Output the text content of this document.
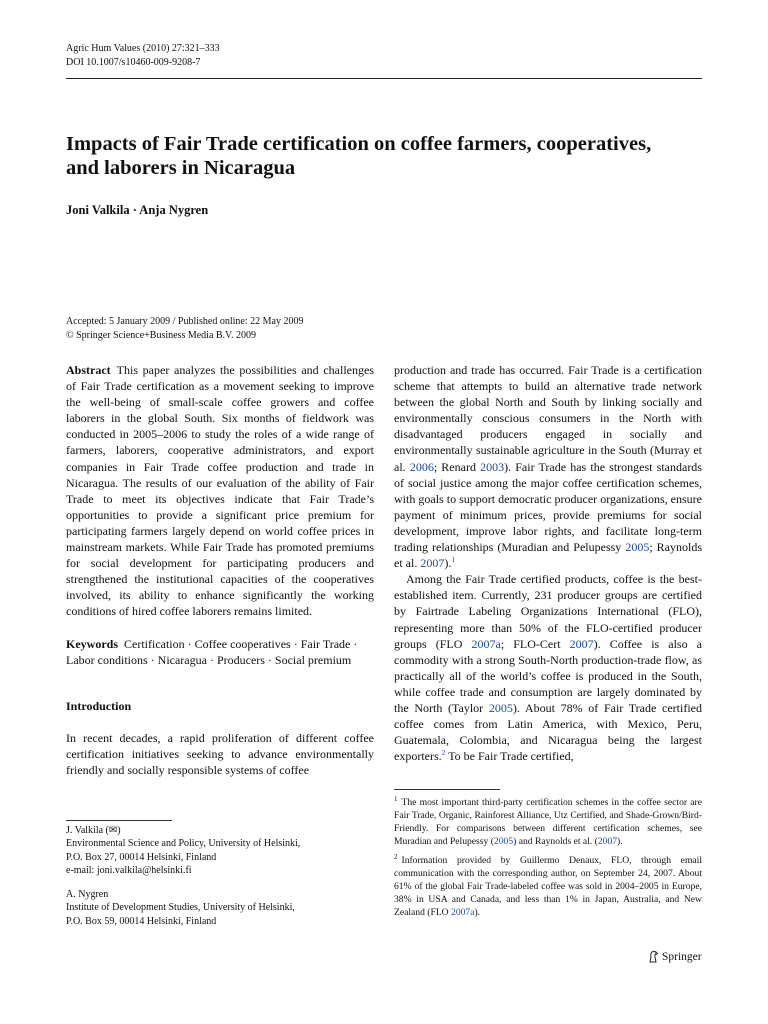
Agric Hum Values (2010) 27:321–333
DOI 10.1007/s10460-009-9208-7
Impacts of Fair Trade certification on coffee farmers, cooperatives, and laborers in Nicaragua
Joni Valkila · Anja Nygren
Accepted: 5 January 2009 / Published online: 22 May 2009
© Springer Science+Business Media B.V. 2009

Abstract This paper analyzes the possibilities and challenges of Fair Trade certification as a movement seeking to improve the well-being of small-scale coffee growers and coffee laborers in the global South. Six months of fieldwork was conducted in 2005–2006 to study the roles of a wide range of farmers, laborers, cooperative administrators, and export companies in Fair Trade coffee production and trade in Nicaragua. The results of our evaluation of the ability of Fair Trade to meet its objectives indicate that Fair Trade’s opportunities to provide a significant price premium for participating farmers largely depend on world coffee prices in mainstream markets. While Fair Trade has promoted premiums for social development for participating producers and strengthened the institutional capacities of the cooperatives involved, its ability to enhance significantly the working conditions of hired coffee laborers remains limited.

Keywords Certification · Coffee cooperatives · Fair Trade · Labor conditions · Nicaragua · Producers · Social premium

Introduction

In recent decades, a rapid proliferation of different coffee certification initiatives seeking to advance environmentally friendly and socially responsible systems of coffee

J. Valkila (✉)
Environmental Science and Policy, University of Helsinki,
P.O. Box 27, 00014 Helsinki, Finland
e-mail: joni.valkila@helsinki.fi
A. Nygren
Institute of Development Studies, University of Helsinki,
P.O. Box 59, 00014 Helsinki, Finland

production and trade has occurred. Fair Trade is a certification scheme that attempts to build an alternative trade network between the global North and South by linking socially and environmentally conscious consumers in the North with disadvantaged producers engaged in socially and environmentally sustainable agriculture in the South (Murray et al. 2006; Renard 2003). Fair Trade has the strongest standards of social justice among the major coffee certification schemes, with goals to support democratic producer organizations, ensure payment of minimum prices, provide premiums for social development, improve labor rights, and facilitate long-term trading relationships (Muradian and Pelupessy 2005; Raynolds et al. 2007).$^1$

Among the Fair Trade certified products, coffee is the best-established item. Currently, 231 producer groups are certified by Fairtrade Labeling Organizations International (FLO), representing more than 50% of the FLO-certified producer groups (FLO 2007a; FLO-Cert 2007). Coffee is also a commodity with a strong South-North production-trade flow, as practically all of the world’s coffee is produced in the South, while coffee trade and consumption are largely dominated by the North (Taylor 2005). About 78% of Fair Trade certified coffee comes from Latin America, with Mexico, Peru, Guatemala, Colombia, and Nicaragua being the largest exporters.$^2$ To be Fair Trade certified,

$^1$ The most important third-party certification schemes in the coffee sector are Fair Trade, Organic, Rainforest Alliance, Utz Certified, and Shade-Grown/Bird-Friendly. For comparisons between different certification schemes, see Muradian and Pelupessy (2005) and Raynolds et al. (2007).

$^2$ Information provided by Guillermo Denaux, FLO, through email communication with the corresponding author, on September 24, 2007. About 61% of the global Fair Trade-labeled coffee was sold in 2004–2005 in Europe, 38% in USA and Canada, and less than 1% in Japan, Australia, and New Zealand (FLO 2007a).

Springer
